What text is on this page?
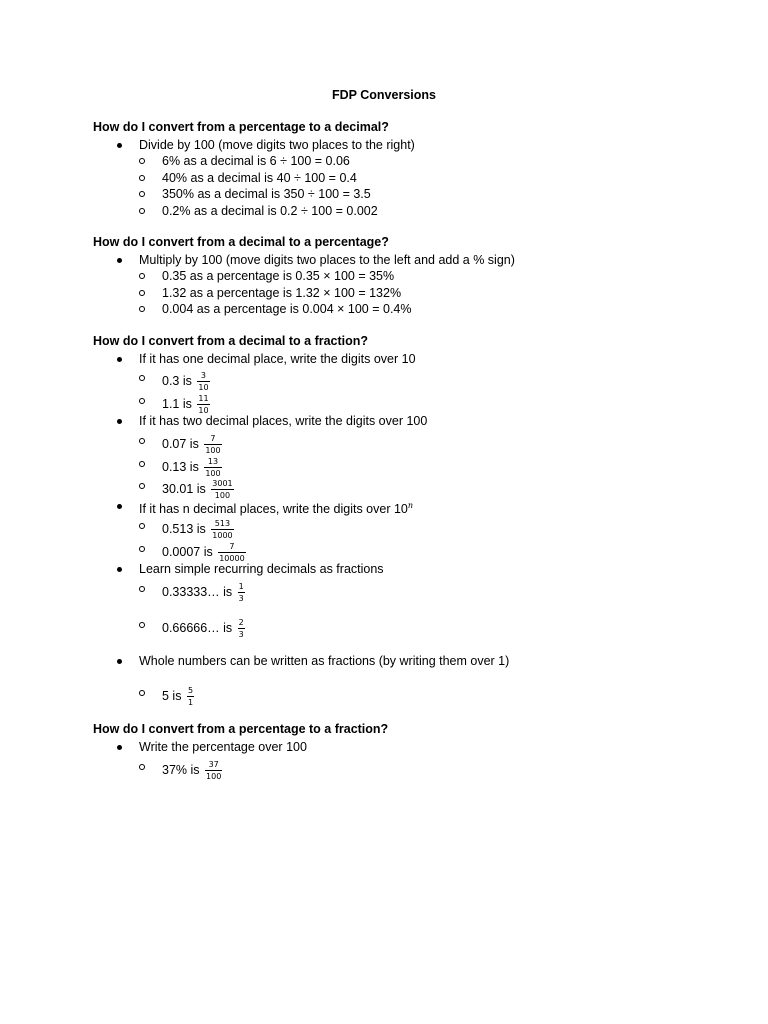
FDP Conversions
How do I convert from a percentage to a decimal?
Divide by 100 (move digits two places to the right)
6% as a decimal is 6 ÷ 100 = 0.06
40% as a decimal is 40 ÷ 100 = 0.4
350% as a decimal is 350 ÷ 100 = 3.5
0.2% as a decimal is 0.2 ÷ 100 = 0.002
How do I convert from a decimal to a percentage?
Multiply by 100 (move digits two places to the left and add a % sign)
0.35 as a percentage is 0.35 × 100 = 35%
1.32 as a percentage is 1.32 × 100 = 132%
0.004 as a percentage is 0.004 × 100 = 0.4%
How do I convert from a decimal to a fraction?
If it has one decimal place, write the digits over 10
0.3 is $\frac{3}{10}$
1.1 is $\frac{11}{10}$
If it has two decimal places, write the digits over 100
0.07 is $\frac{7}{100}$
0.13 is $\frac{13}{100}$
30.01 is $\frac{3001}{100}$
If it has n decimal places, write the digits over 10$^n$
0.513 is $\frac{513}{1000}$
0.0007 is $\frac{7}{10000}$
Learn simple recurring decimals as fractions
0.33333… is $\frac{1}{3}$
0.66666… is $\frac{2}{3}$
Whole numbers can be written as fractions (by writing them over 1)
5 is $\frac{5}{1}$
How do I convert from a percentage to a fraction?
Write the percentage over 100
37% is $\frac{37}{100}$
